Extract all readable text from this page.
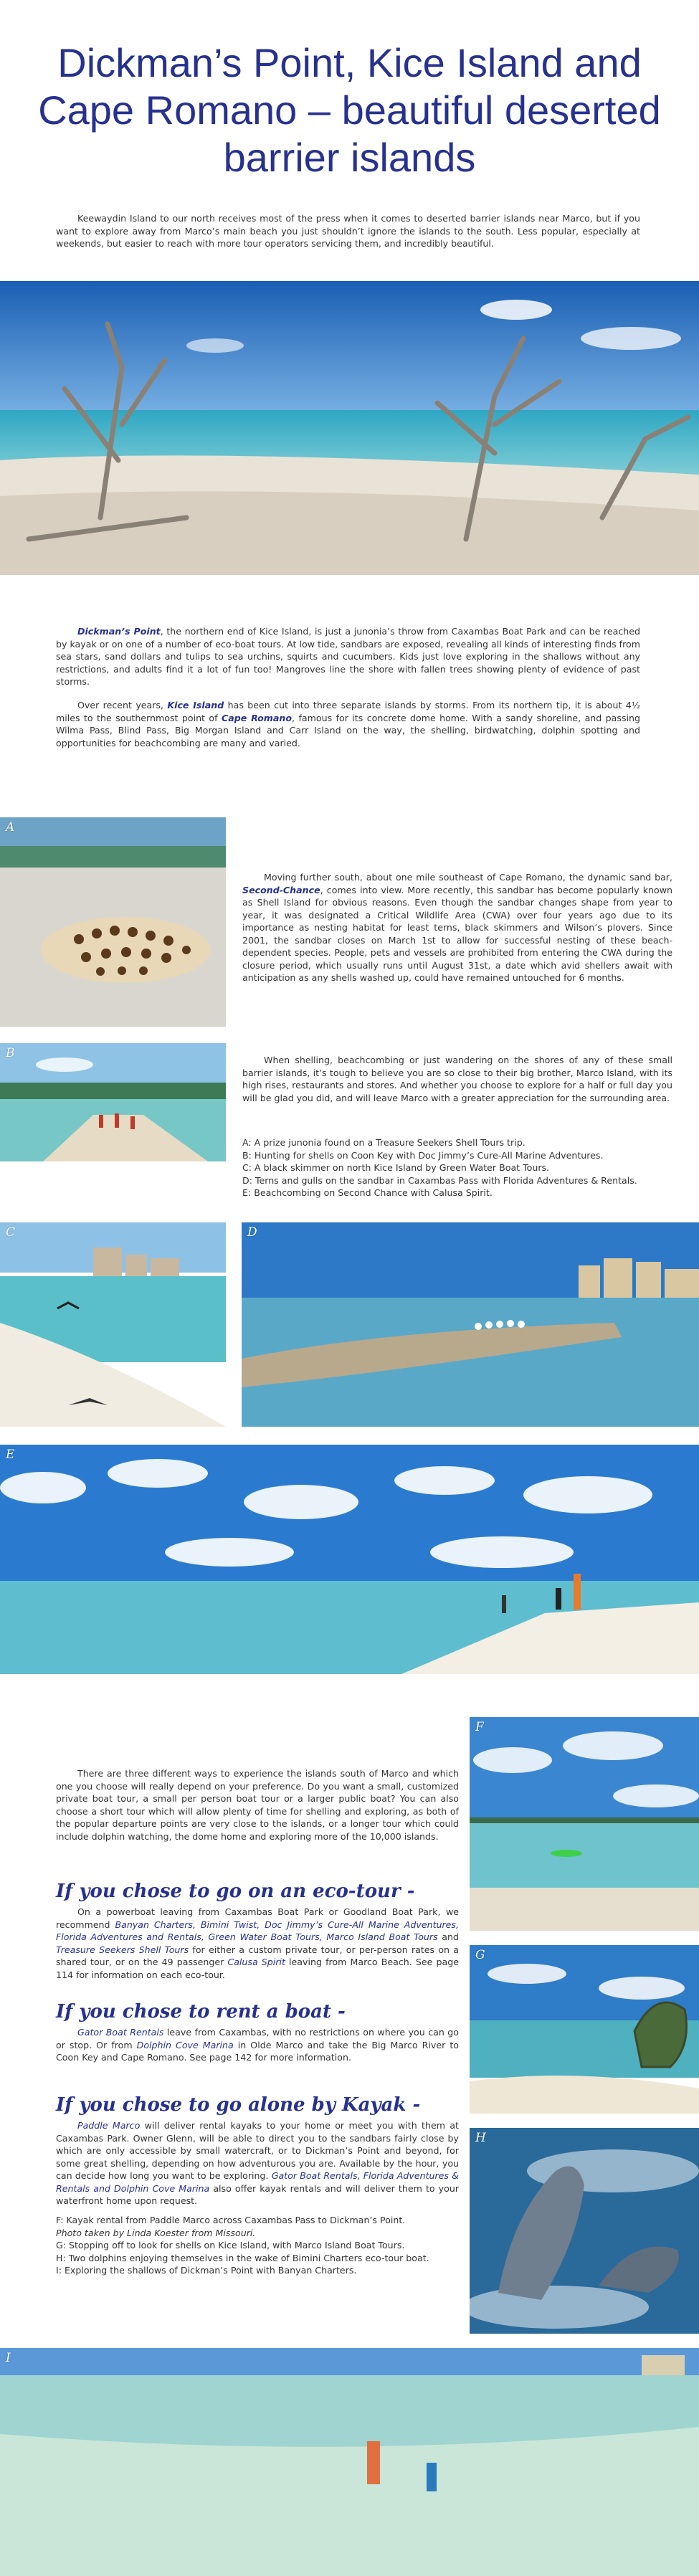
Dickman’s Point, Kice Island and Cape Romano – beautiful deserted barrier islands

Keewaydin Island to our north receives most of the press when it comes to deserted barrier islands near Marco, but if you want to explore away from Marco’s main beach you just shouldn’t ignore the islands to the south. Less popular, especially at weekends, but easier to reach with more tour operators servicing them, and incredibly beautiful.

Dickman’s Point, the northern end of Kice Island, is just a junonia’s throw from Caxambas Boat Park and can be reached by kayak or on one of a number of eco-boat tours. At low tide, sandbars are exposed, revealing all kinds of interesting finds from sea stars, sand dollars and tulips to sea urchins, squirts and cucumbers. Kids just love exploring in the shallows without any restrictions, and adults find it a lot of fun too! Mangroves line the shore with fallen trees showing plenty of evidence of past storms.

Over recent years, Kice Island has been cut into three separate islands by storms. From its northern tip, it is about 4½ miles to the southernmost point of Cape Romano, famous for its concrete dome home. With a sandy shoreline, and passing Wilma Pass, Blind Pass, Big Morgan Island and Carr Island on the way, the shelling, birdwatching, dolphin spotting and opportunities for beachcombing are many and varied.

A

Moving further south, about one mile southeast of Cape Romano, the dynamic sand bar, Second-Chance, comes into view. More recently, this sandbar has become popularly known as Shell Island for obvious reasons. Even though the sandbar changes shape from year to year, it was designated a Critical Wildlife Area (CWA) over four years ago due to its importance as nesting habitat for least terns, black skimmers and Wilson’s plovers. Since 2001, the sandbar closes on March 1st to allow for successful nesting of these beach-dependent species. People, pets and vessels are prohibited from entering the CWA during the closure period, which usually runs until August 31st, a date which avid shellers await with anticipation as any shells washed up, could have remained untouched for 6 months.

B	When shelling, beachcombing or just wandering on the shores of any of these small barrier islands, it’s tough to believe you are so close to their big brother, Marco Island, with its high rises, restaurants and stores. And whether you choose to explore for a half or full day you will be glad you did, and will leave Marco with a greater appreciation for the surrounding area.

A: A prize junonia found on a Treasure Seekers Shell Tours trip.
B: Hunting for shells on Coon Key with Doc Jimmy’s Cure-All Marine Adventures.
C: A black skimmer on north Kice Island by Green Water Boat Tours.
D: Terns and gulls on the sandbar in Caxambas Pass with Florida Adventures & Rentals.
E: Beachcombing on Second Chance with Calusa Spirit.
C	D
E

There are three different ways to experience the islands south of Marco and which one you choose will really depend on your preference. Do you want a small, customized private boat tour, a small per person boat tour or a larger public boat? You can also choose a short tour which will allow plenty of time for shelling and exploring, as both of the popular departure points are very close to the islands, or a longer tour which could include dolphin watching, the dome home and exploring more of the 10,000 islands.

If you chose to go on an eco-tour -

On a powerboat leaving from Caxambas Boat Park or Goodland Boat Park, we recommend Banyan Charters, Bimini Twist, Doc Jimmy’s Cure-All Marine Adventures, Florida Adventures and Rentals, Green Water Boat Tours, Marco Island Boat Tours and Treasure Seekers Shell Tours for either a custom private tour, or per-person rates on a shared tour, or on the 49 passenger Calusa Spirit leaving from Marco Beach. See page 114 for information on each eco-tour.

If you chose to rent a boat -

Gator Boat Rentals leave from Caxambas, with no restrictions on where you can go or stop. Or from Dolphin Cove Marina in Olde Marco and take the Big Marco River to Coon Key and Cape Romano. See page 142 for more information.

If you chose to go alone by Kayak -

Paddle Marco will deliver rental kayaks to your home or meet you with them at Caxambas Park. Owner Glenn, will be able to direct you to the sandbars fairly close by which are only accessible by small watercraft, or to Dickman’s Point and beyond, for some great shelling, depending on how adventurous you are. Available by the hour, you can decide how long you want to be exploring. Gator Boat Rentals, Florida Adventures & Rentals and Dolphin Cove Marina also offer kayak rentals and will deliver them to your waterfront home upon request.

F: Kayak rental from Paddle Marco across Caxambas Pass to Dickman’s Point.
Photo taken by Linda Koester from Missouri.
G: Stopping off to look for shells on Kice Island, with Marco Island Boat Tours.
H: Two dolphins enjoying themselves in the wake of Bimini Charters eco-tour boat.
I: Exploring the shallows of Dickman’s Point with Banyan Charters.
F
G
H
I
